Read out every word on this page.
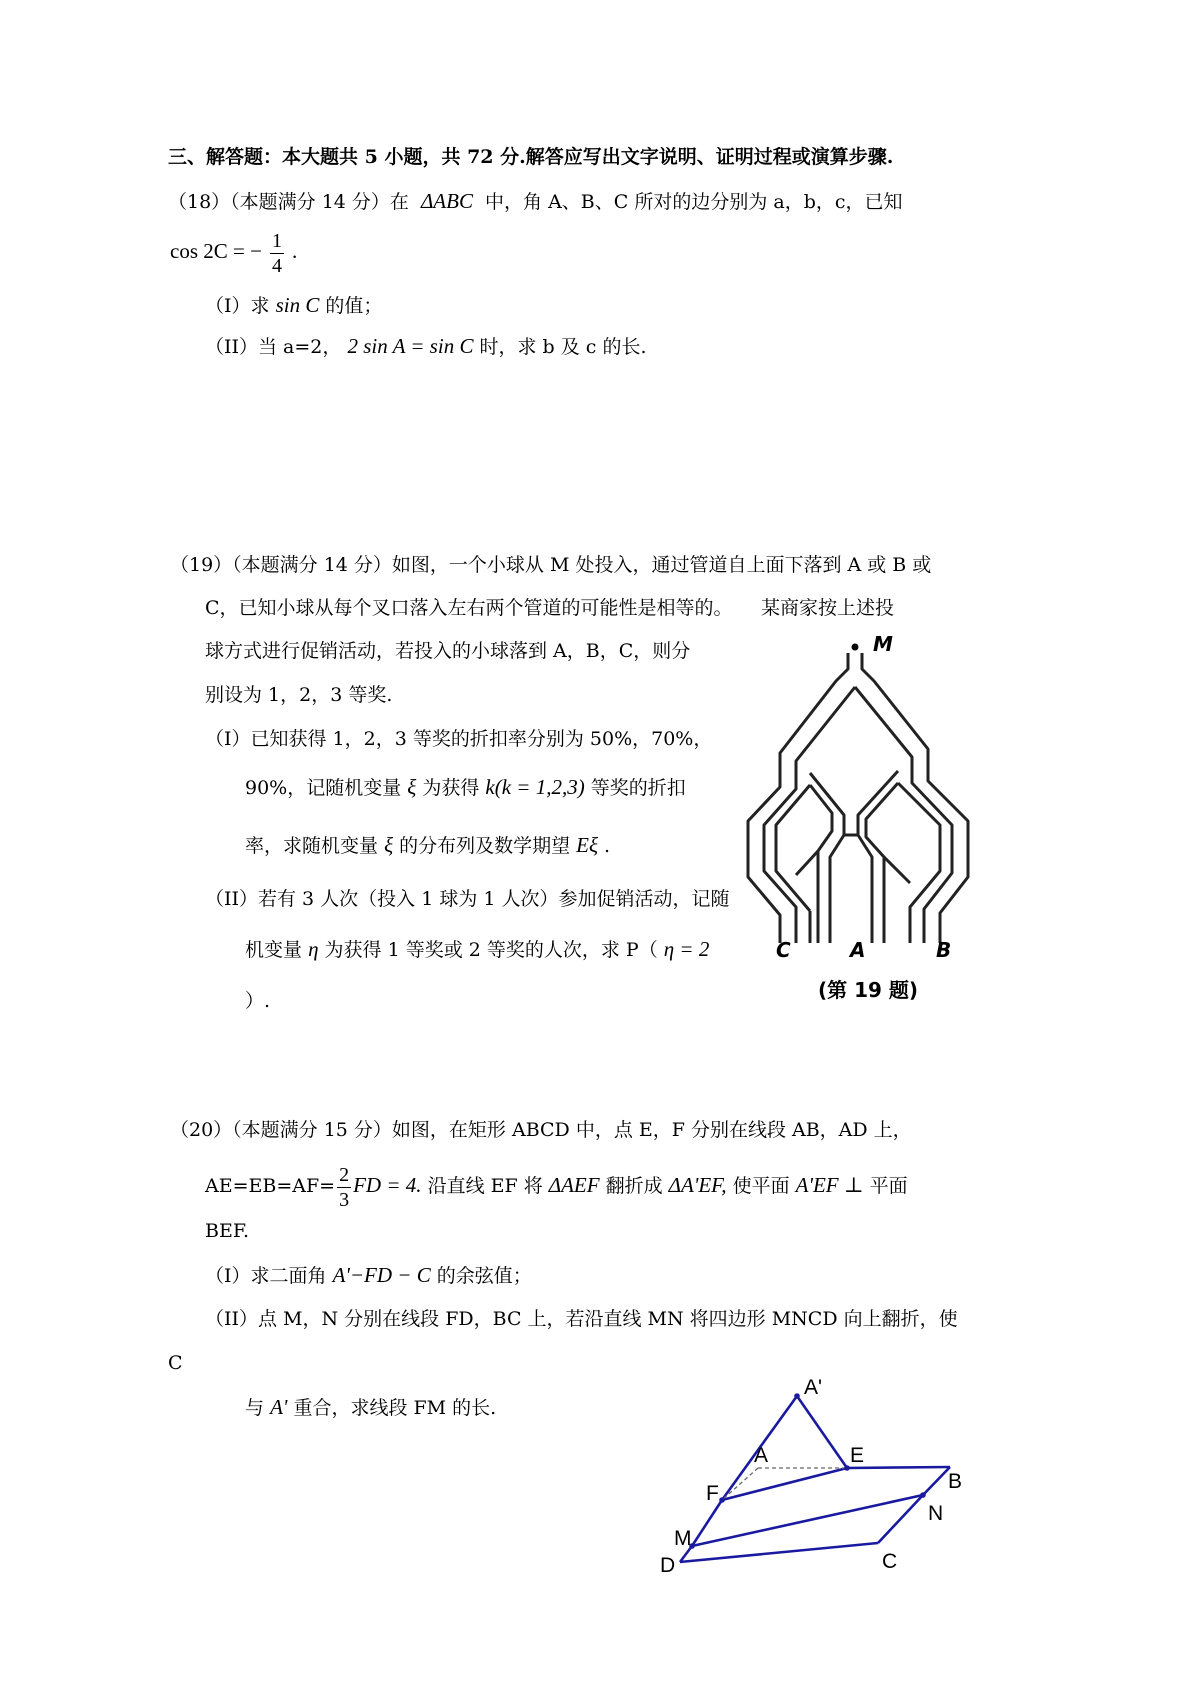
三、解答题：本大题共 5 小题，共 72 分.解答应写出文字说明、证明过程或演算步骤.
（18）（本题满分 14 分）在 ΔABC 中，角 A、B、C 所对的边分别为 a，b，c，已知
cos 2C = − $\frac{1}{4}$ .
（I）求 sin C 的值；
（II）当 a=2， 2 sin A = sin C 时，求 b 及 c 的长.
（19）（本题满分 14 分）如图，一个小球从 M 处投入，通过管道自上面下落到 A 或 B 或
C，已知小球从每个叉口落入左右两个管道的可能性是相等的。　　某商家按上述投
球方式进行促销活动，若投入的小球落到 A，B，C，则分
别设为 1，2，3 等奖.
（I）已知获得 1，2，3 等奖的折扣率分别为 50%，70%，
90%，记随机变量 ξ 为获得 k(k = 1,2,3) 等奖的折扣
率，求随机变量 ξ 的分布列及数学期望 Eξ .
（II）若有 3 人次（投入 1 球为 1 人次）参加促销活动，记随
机变量 η 为获得 1 等奖或 2 等奖的人次，求 P（ η = 2
）.
M
C	A	B
(第 19 题)
（20）（本题满分 15 分）如图，在矩形 ABCD 中，点 E，F 分别在线段 AB，AD 上，
$AE=EB=AF= \frac{2}{3}$ FD = 4. 沿直线 EF 将 ΔAEF 翻折成 ΔA'EF, 使平面 A'EF ⊥ 平面
BEF.
（I）求二面角 A'−FD − C 的余弦值；
（II）点 M，N 分别在线段 FD，BC 上，若沿直线 MN 将四边形 MNCD 向上翻折，使
C
与 A' 重合，求线段 FM 的长.
A'
A	E
B
F
M
N
D	C
